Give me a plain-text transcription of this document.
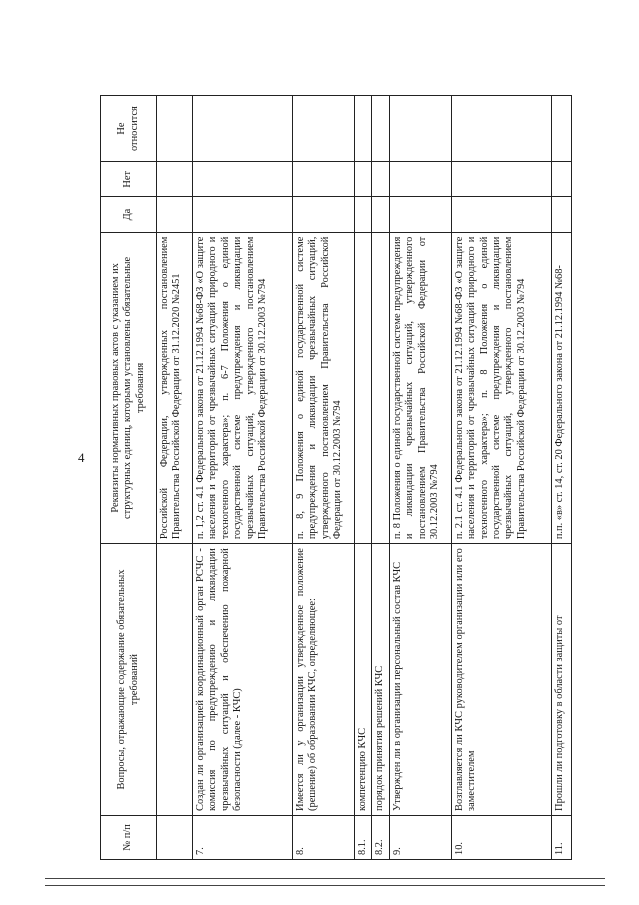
4
№ п/п	Вопросы, отражающие содержание обязательных требований	Реквизиты нормативных правовых актов с указанием их структурных единиц, которыми установлены обязательные требования	Да	Нет	Не относится
		Российской Федерации, утвержденных постановлением Правительства Российской Федерации от 31.12.2020 №2451			
7.	Создан ли организацией координационный орган РСЧС - комиссия по предупреждению и ликвидации чрезвычайных ситуаций и обеспечению пожарной безопасности (далее - КЧС)	п. 1,2 ст. 4.1 Федерального закона от 21.12.1994 №68-ФЗ «О защите населения и территорий от чрезвычайных ситуаций природного и техногенного характера»; п. 6-7 Положения о единой государственной системе предупреждения и ликвидации чрезвычайных ситуаций, утвержденного постановлением Правительства Российской Федерации от 30.12.2003 №794			
8.	Имеется ли у организации утвержденное положение (решение) об образовании КЧС, определяющее:	п. 8, 9 Положения о единой государственной системе предупреждения и ликвидации чрезвычайных ситуаций, утвержденного постановлением Правительства Российской Федерации от 30.12.2003 №794			
8.1.	компетенцию КЧС				
8.2.	порядок принятия решений КЧС				
9.	Утвержден ли в организации персональный состав КЧС	п. 8 Положения о единой государственной системе предупреждения и ликвидации чрезвычайных ситуаций, утвержденного постановлением Правительства Российской Федерации от 30.12.2003 №794			
10.	Возглавляется ли КЧС руководителем организации или его заместителем	п. 2.1 ст. 4.1 Федерального закона от 21.12.1994 №68-ФЗ «О защите населения и территорий от чрезвычайных ситуаций природного и техногенного характера»; п. 8 Положения о единой государственной системе предупреждения и ликвидации чрезвычайных ситуаций, утвержденного постановлением Правительства Российской Федерации от 30.12.2003 №794			
11.	Прошли ли подготовку в области защиты от	п.п. «в» ст. 14, ст. 20 Федерального закона от 21.12.1994 №68-			
